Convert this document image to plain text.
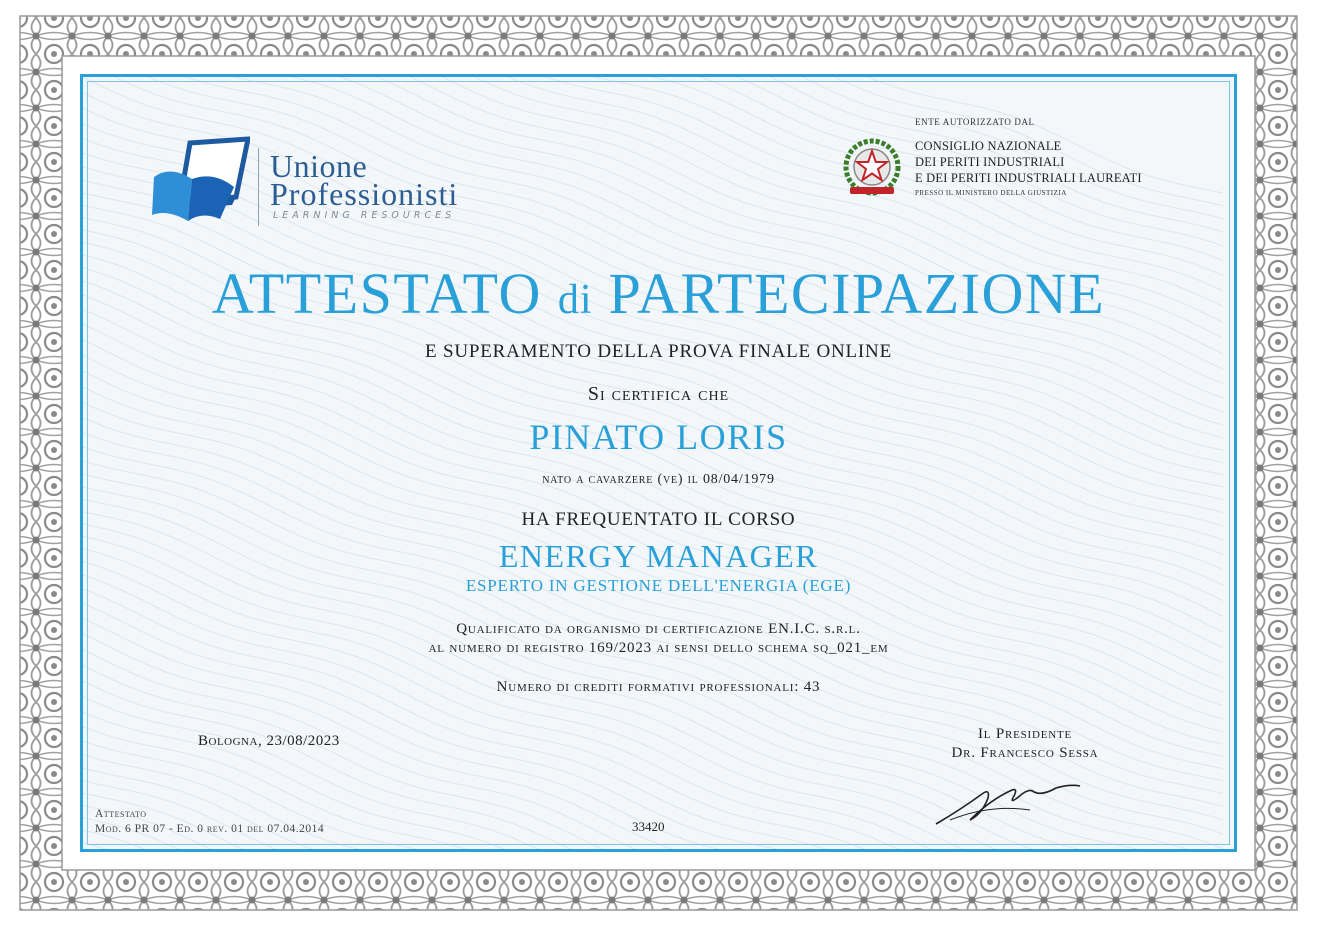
Unione
Professionisti
LEARNING RESOURCES
ENTE AUTORIZZATO DAL
CONSIGLIO NAZIONALE
DEI PERITI INDUSTRIALI
E DEI PERITI INDUSTRIALI LAUREATI
PRESSO IL MINISTERO DELLA GIUSTIZIA
ATTESTATO di PARTECIPAZIONE
E SUPERAMENTO DELLA PROVA FINALE ONLINE
Si certifica che
PINATO LORIS
nato a cavarzere (ve) il 08/04/1979
HA FREQUENTATO IL CORSO
ENERGY MANAGER
ESPERTO IN GESTIONE DELL'ENERGIA (EGE)
Qualificato da organismo di certificazione EN.I.C. s.r.l.
al numero di registro 169/2023 ai sensi dello schema sq_021_em
Numero di crediti formativi professionali: 43
Bologna, 23/08/2023	Il Presidente
Dr. Francesco Sessa
Attestato
Mod. 6 PR 07 - Ed. 0 rev. 01 del 07.04.2014	33420
